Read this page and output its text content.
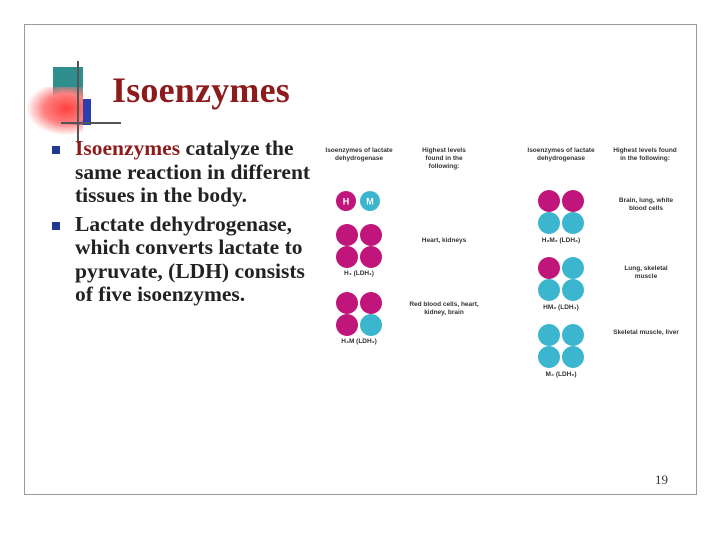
Isoenzymes
Isoenzymes catalyze the same reaction in different tissues in the body.
Lactate dehydrogenase, which converts lactate to pyruvate, (LDH) consists of five isoenzymes.
Isoenzymes of lactate dehydrogenase
Highest levels found in the following:
Isoenzymes of lactate dehydrogenase
Highest levels found in the following:
H M
H₄ (LDH₁)
Heart, kidneys
H₃M (LDH₂)
Red blood cells, heart, kidney, brain
H₂M₂ (LDH₃)
Brain, lung, white blood cells
HM₃ (LDH₄)
Lung, skeletal muscle
M₄ (LDH₅)
Skeletal muscle, liver
19
